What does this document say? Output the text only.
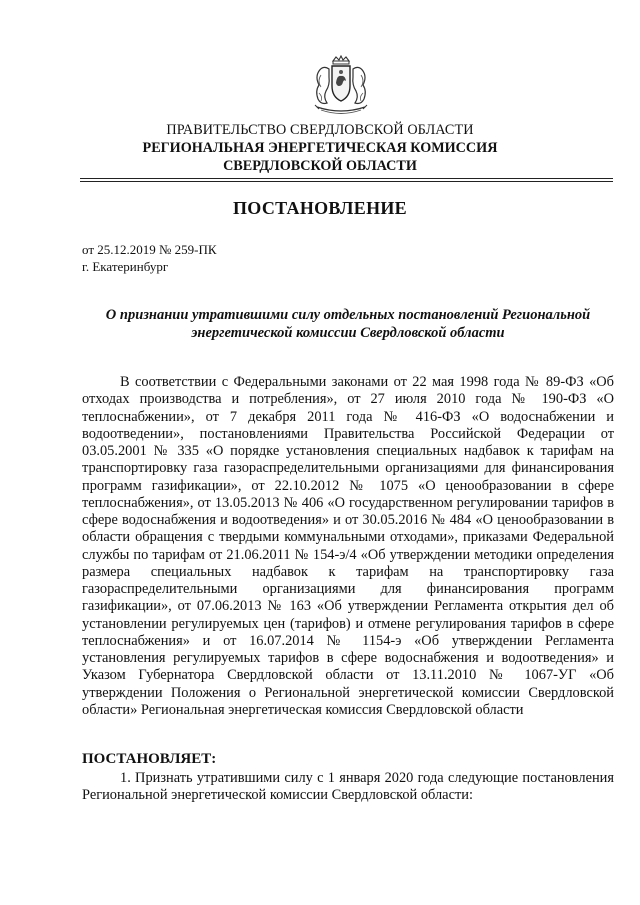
ПРАВИТЕЛЬСТВО СВЕРДЛОВСКОЙ ОБЛАСТИ
РЕГИОНАЛЬНАЯ ЭНЕРГЕТИЧЕСКАЯ КОМИССИЯ
СВЕРДЛОВСКОЙ ОБЛАСТИ
ПОСТАНОВЛЕНИЕ
от 25.12.2019 № 259-ПК
г. Екатеринбург
О признании утратившими силу отдельных постановлений Региональной энергетической комиссии Свердловской области
В соответствии с Федеральными законами от 22 мая 1998 года № 89-ФЗ «Об отходах производства и потребления», от 27 июля 2010 года № 190-ФЗ «О теплоснабжении», от 7 декабря 2011 года № 416-ФЗ «О водоснабжении и водоотведении», постановлениями Правительства Российской Федерации от 03.05.2001 № 335 «О порядке установления специальных надбавок к тарифам на транспортировку газа газораспределительными организациями для финансирования программ газификации», от 22.10.2012 № 1075 «О ценообразовании в сфере теплоснабжения», от 13.05.2013 № 406 «О государственном регулировании тарифов в сфере водоснабжения и водоотведения» и от 30.05.2016 № 484 «О ценообразовании в области обращения с твердыми коммунальными отходами», приказами Федеральной службы по тарифам от 21.06.2011 № 154-э/4 «Об утверждении методики определения размера специальных надбавок к тарифам на транспортировку газа газораспределительными организациями для финансирования программ газификации», от 07.06.2013 № 163 «Об утверждении Регламента открытия дел об установлении регулируемых цен (тарифов) и отмене регулирования тарифов в сфере теплоснабжения» и от 16.07.2014 № 1154-э «Об утверждении Регламента установления регулируемых тарифов в сфере водоснабжения и водоотведения» и Указом Губернатора Свердловской области от 13.11.2010 № 1067-УГ «Об утверждении Положения о Региональной энергетической комиссии Свердловской области» Региональная энергетическая комиссия Свердловской области
ПОСТАНОВЛЯЕТ:
1. Признать утратившими силу с 1 января 2020 года следующие постановления Региональной энергетической комиссии Свердловской области:
